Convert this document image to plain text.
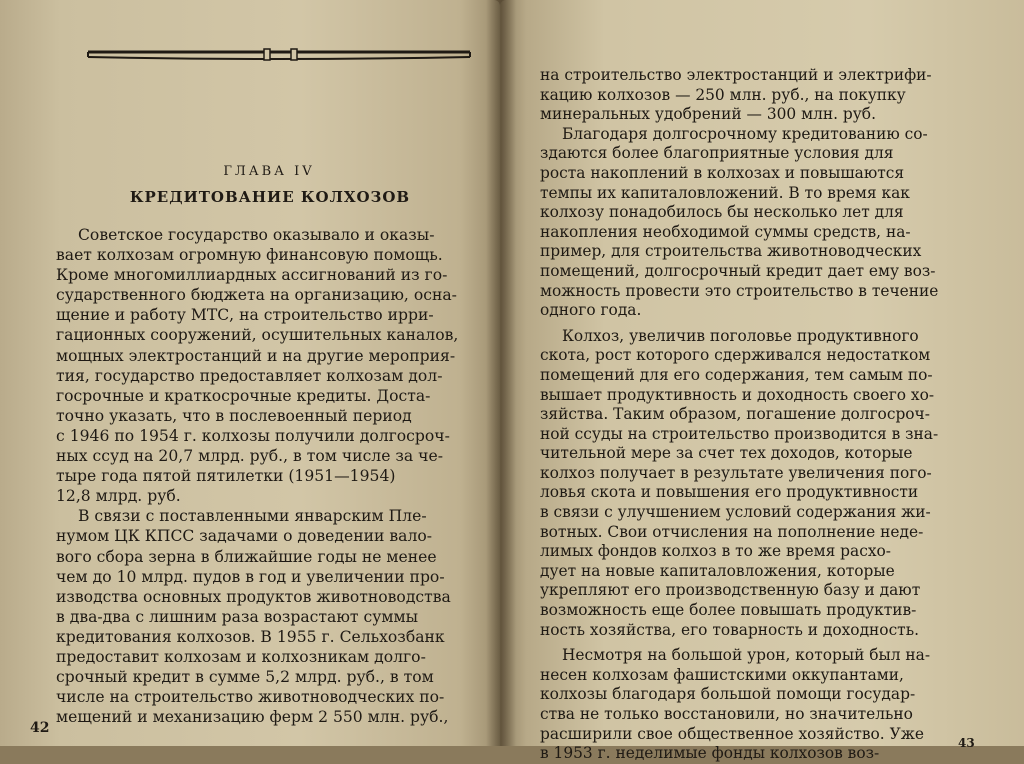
ГЛАВА IV
КРЕДИТОВАНИЕ КОЛХОЗОВ
Советское государство оказывало и оказы-
вает колхозам огромную финансовую помощь.
Кроме многомиллиардных ассигнований из го-
сударственного бюджета на организацию, осна-
щение и работу МТС, на строительство ирри-
гационных сооружений, осушительных каналов,
мощных электростанций и на другие мероприя-
тия, государство предоставляет колхозам дол-
госрочные и краткосрочные кредиты. Доста-
точно указать, что в послевоенный период
с 1946 по 1954 г. колхозы получили долгосроч-
ных ссуд на 20,7 млрд. руб., в том числе за че-
тыре года пятой пятилетки (1951—1954)
12,8 млрд. руб.
В связи с поставленными январским Пле-
нумом ЦК КПСС задачами о доведении вало-
вого сбора зерна в ближайшие годы не менее
чем до 10 млрд. пудов в год и увеличении про-
изводства основных продуктов животноводства
в два-два с лишним раза возрастают суммы
кредитования колхозов. В 1955 г. Сельхозбанк
предоставит колхозам и колхозникам долго-
срочный кредит в сумме 5,2 млрд. руб., в том
числе на строительство животноводческих по-
мещений и механизацию ферм 2 550 млн. руб.,
42
на строительство электростанций и электрифи-
кацию колхозов — 250 млн. руб., на покупку
минеральных удобрений — 300 млн. руб.
Благодаря долгосрочному кредитованию со-
здаются более благоприятные условия для
роста накоплений в колхозах и повышаются
темпы их капиталовложений. В то время как
колхозу понадобилось бы несколько лет для
накопления необходимой суммы средств, на-
пример, для строительства животноводческих
помещений, долгосрочный кредит дает ему воз-
можность провести это строительство в течение
одного года.
Колхоз, увеличив поголовье продуктивного
скота, рост которого сдерживался недостатком
помещений для его содержания, тем самым по-
вышает продуктивность и доходность своего хо-
зяйства. Таким образом, погашение долгосроч-
ной ссуды на строительство производится в зна-
чительной мере за счет тех доходов, которые
колхоз получает в результате увеличения пого-
ловья скота и повышения его продуктивности
в связи с улучшением условий содержания жи-
вотных. Свои отчисления на пополнение неде-
лимых фондов колхоз в то же время расхо-
дует на новые капиталовложения, которые
укрепляют его производственную базу и дают
возможность еще более повышать продуктив-
ность хозяйства, его товарность и доходность.
Несмотря на большой урон, который был на-
несен колхозам фашистскими оккупантами,
колхозы благодаря большой помощи государ-
ства не только восстановили, но значительно
расширили свое общественное хозяйство. Уже
в 1953 г. неделимые фонды колхозов воз-
43
